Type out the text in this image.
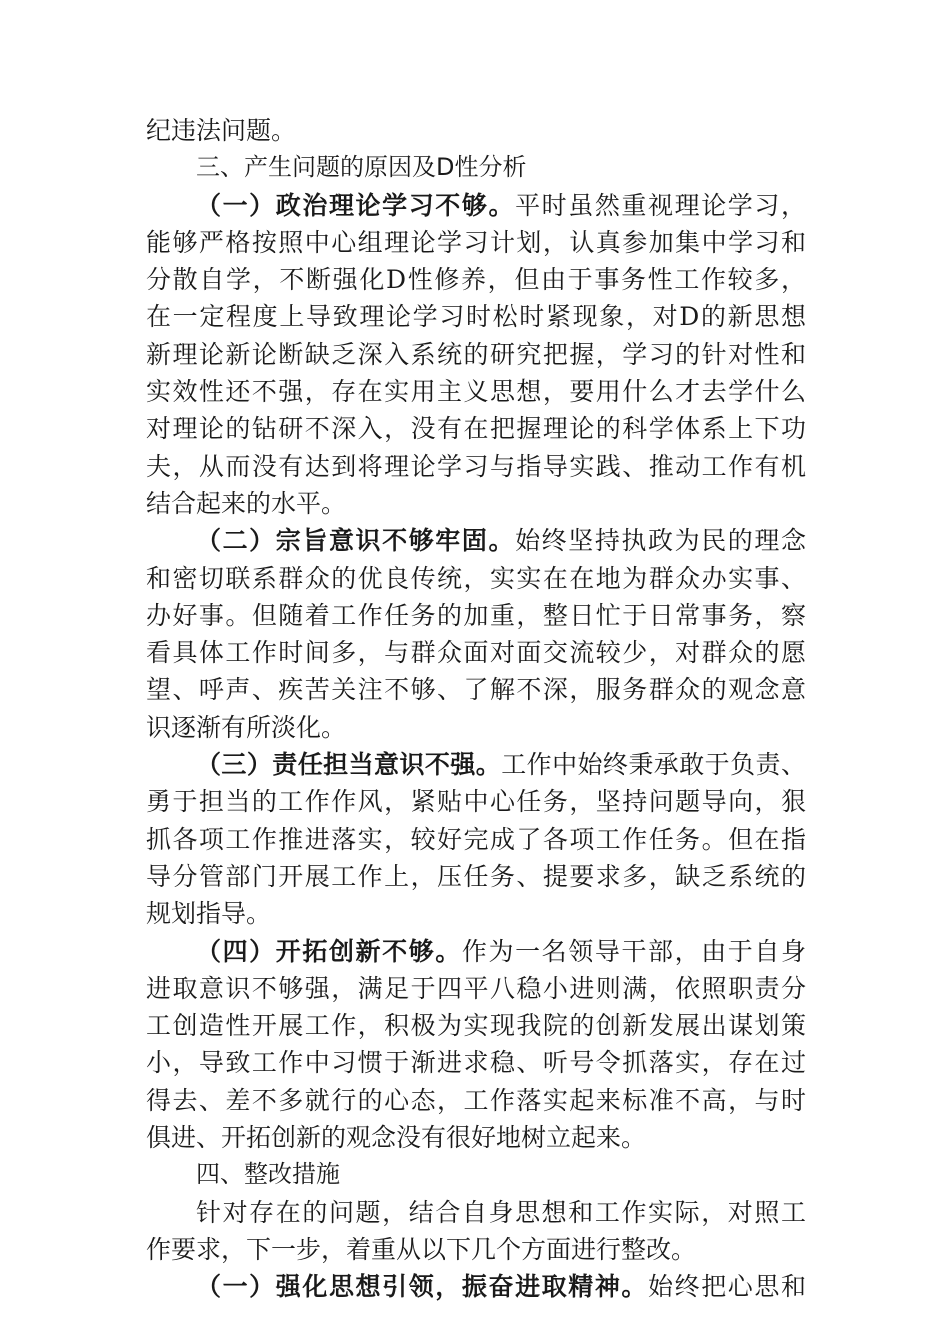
纪违法问题。
三、产生问题的原因及D性分析
（一）政治理论学习不够。平时虽然重视理论学习，
能够严格按照中心组理论学习计划，认真参加集中学习和
分散自学，不断强化D性修养，但由于事务性工作较多，
在一定程度上导致理论学习时松时紧现象，对D的新思想
新理论新论断缺乏深入系统的研究把握，学习的针对性和
实效性还不强，存在实用主义思想，要用什么才去学什么
对理论的钻研不深入，没有在把握理论的科学体系上下功
夫，从而没有达到将理论学习与指导实践、推动工作有机
结合起来的水平。
（二）宗旨意识不够牢固。始终坚持执政为民的理念
和密切联系群众的优良传统，实实在在地为群众办实事、
办好事。但随着工作任务的加重，整日忙于日常事务，察
看具体工作时间多，与群众面对面交流较少，对群众的愿
望、呼声、疾苦关注不够、了解不深，服务群众的观念意
识逐渐有所淡化。
（三）责任担当意识不强。工作中始终秉承敢于负责、
勇于担当的工作作风，紧贴中心任务，坚持问题导向，狠
抓各项工作推进落实，较好完成了各项工作任务。但在指
导分管部门开展工作上，压任务、提要求多，缺乏系统的
规划指导。
（四）开拓创新不够。作为一名领导干部，由于自身
进取意识不够强，满足于四平八稳小进则满，依照职责分
工创造性开展工作，积极为实现我院的创新发展出谋划策
小，导致工作中习惯于渐进求稳、听号令抓落实，存在过
得去、差不多就行的心态，工作落实起来标准不高，与时
俱进、开拓创新的观念没有很好地树立起来。
四、整改措施
针对存在的问题，结合自身思想和工作实际，对照工
作要求，下一步，着重从以下几个方面进行整改。
（一）强化思想引领，振奋进取精神。始终把心思和
